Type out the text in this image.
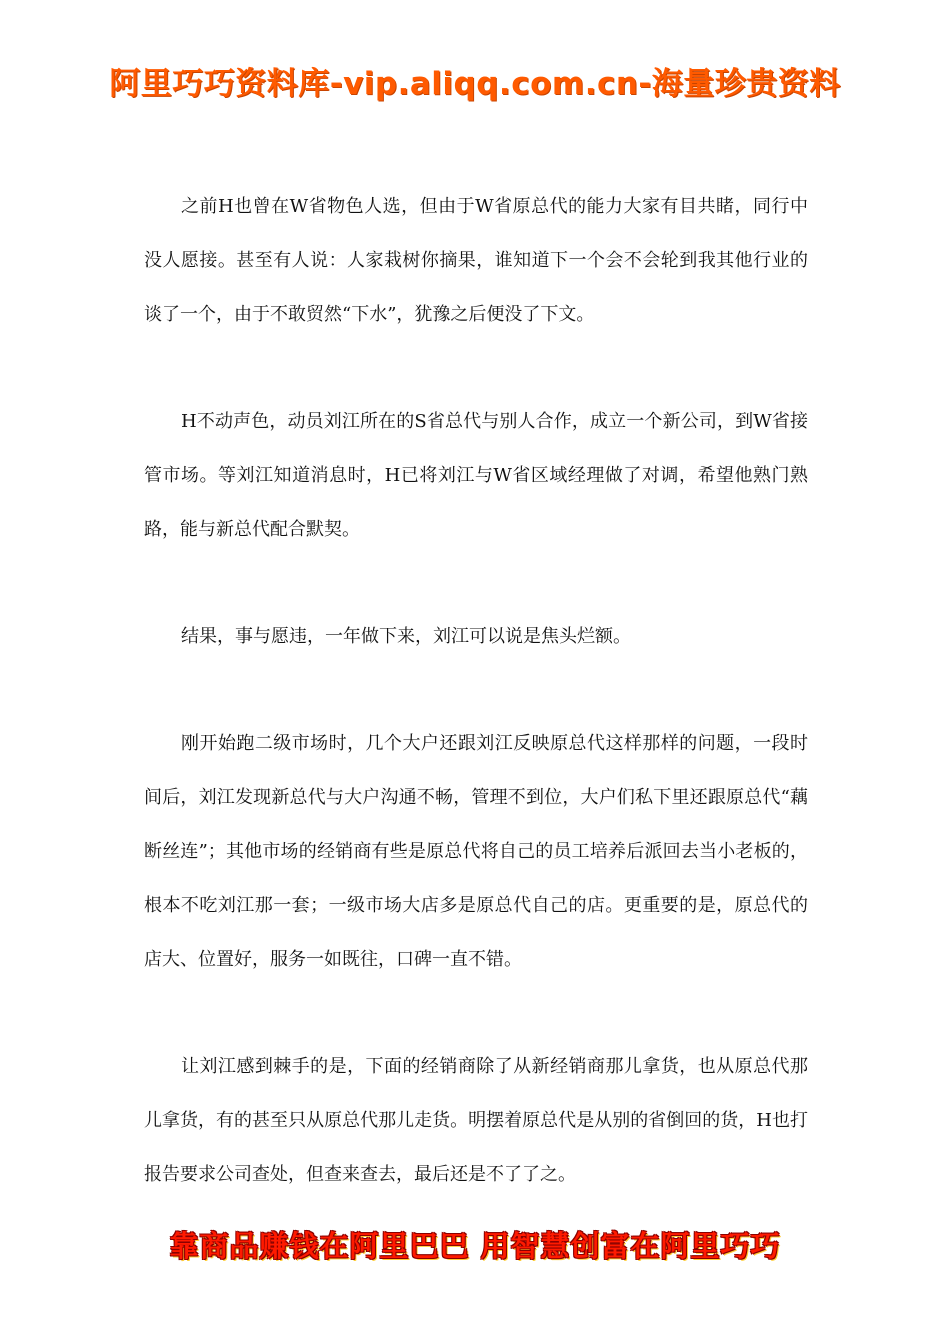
阿里巧巧资料库-vip.aliqq.com.cn-海量珍贵资料

之前H也曾在W省物色人选，但由于W省原总代的能力大家有目共睹，同行中没人愿接。甚至有人说：人家栽树你摘果，谁知道下一个会不会轮到我其他行业的谈了一个，由于不敢贸然“下水”，犹豫之后便没了下文。

H不动声色，动员刘江所在的S省总代与别人合作，成立一个新公司，到W省接管市场。等刘江知道消息时，H已将刘江与W省区域经理做了对调，希望他熟门熟路，能与新总代配合默契。

结果，事与愿违，一年做下来，刘江可以说是焦头烂额。

刚开始跑二级市场时，几个大户还跟刘江反映原总代这样那样的问题，一段时间后，刘江发现新总代与大户沟通不畅，管理不到位，大户们私下里还跟原总代“藕断丝连”；其他市场的经销商有些是原总代将自己的员工培养后派回去当小老板的，根本不吃刘江那一套；一级市场大店多是原总代自己的店。更重要的是，原总代的店大、位置好，服务一如既往，口碑一直不错。

让刘江感到棘手的是，下面的经销商除了从新经销商那儿拿货，也从原总代那儿拿货，有的甚至只从原总代那儿走货。明摆着原总代是从别的省倒回的货，H也打报告要求公司查处，但查来查去，最后还是不了了之。

靠商品赚钱在阿里巴巴 用智慧创富在阿里巧巧
